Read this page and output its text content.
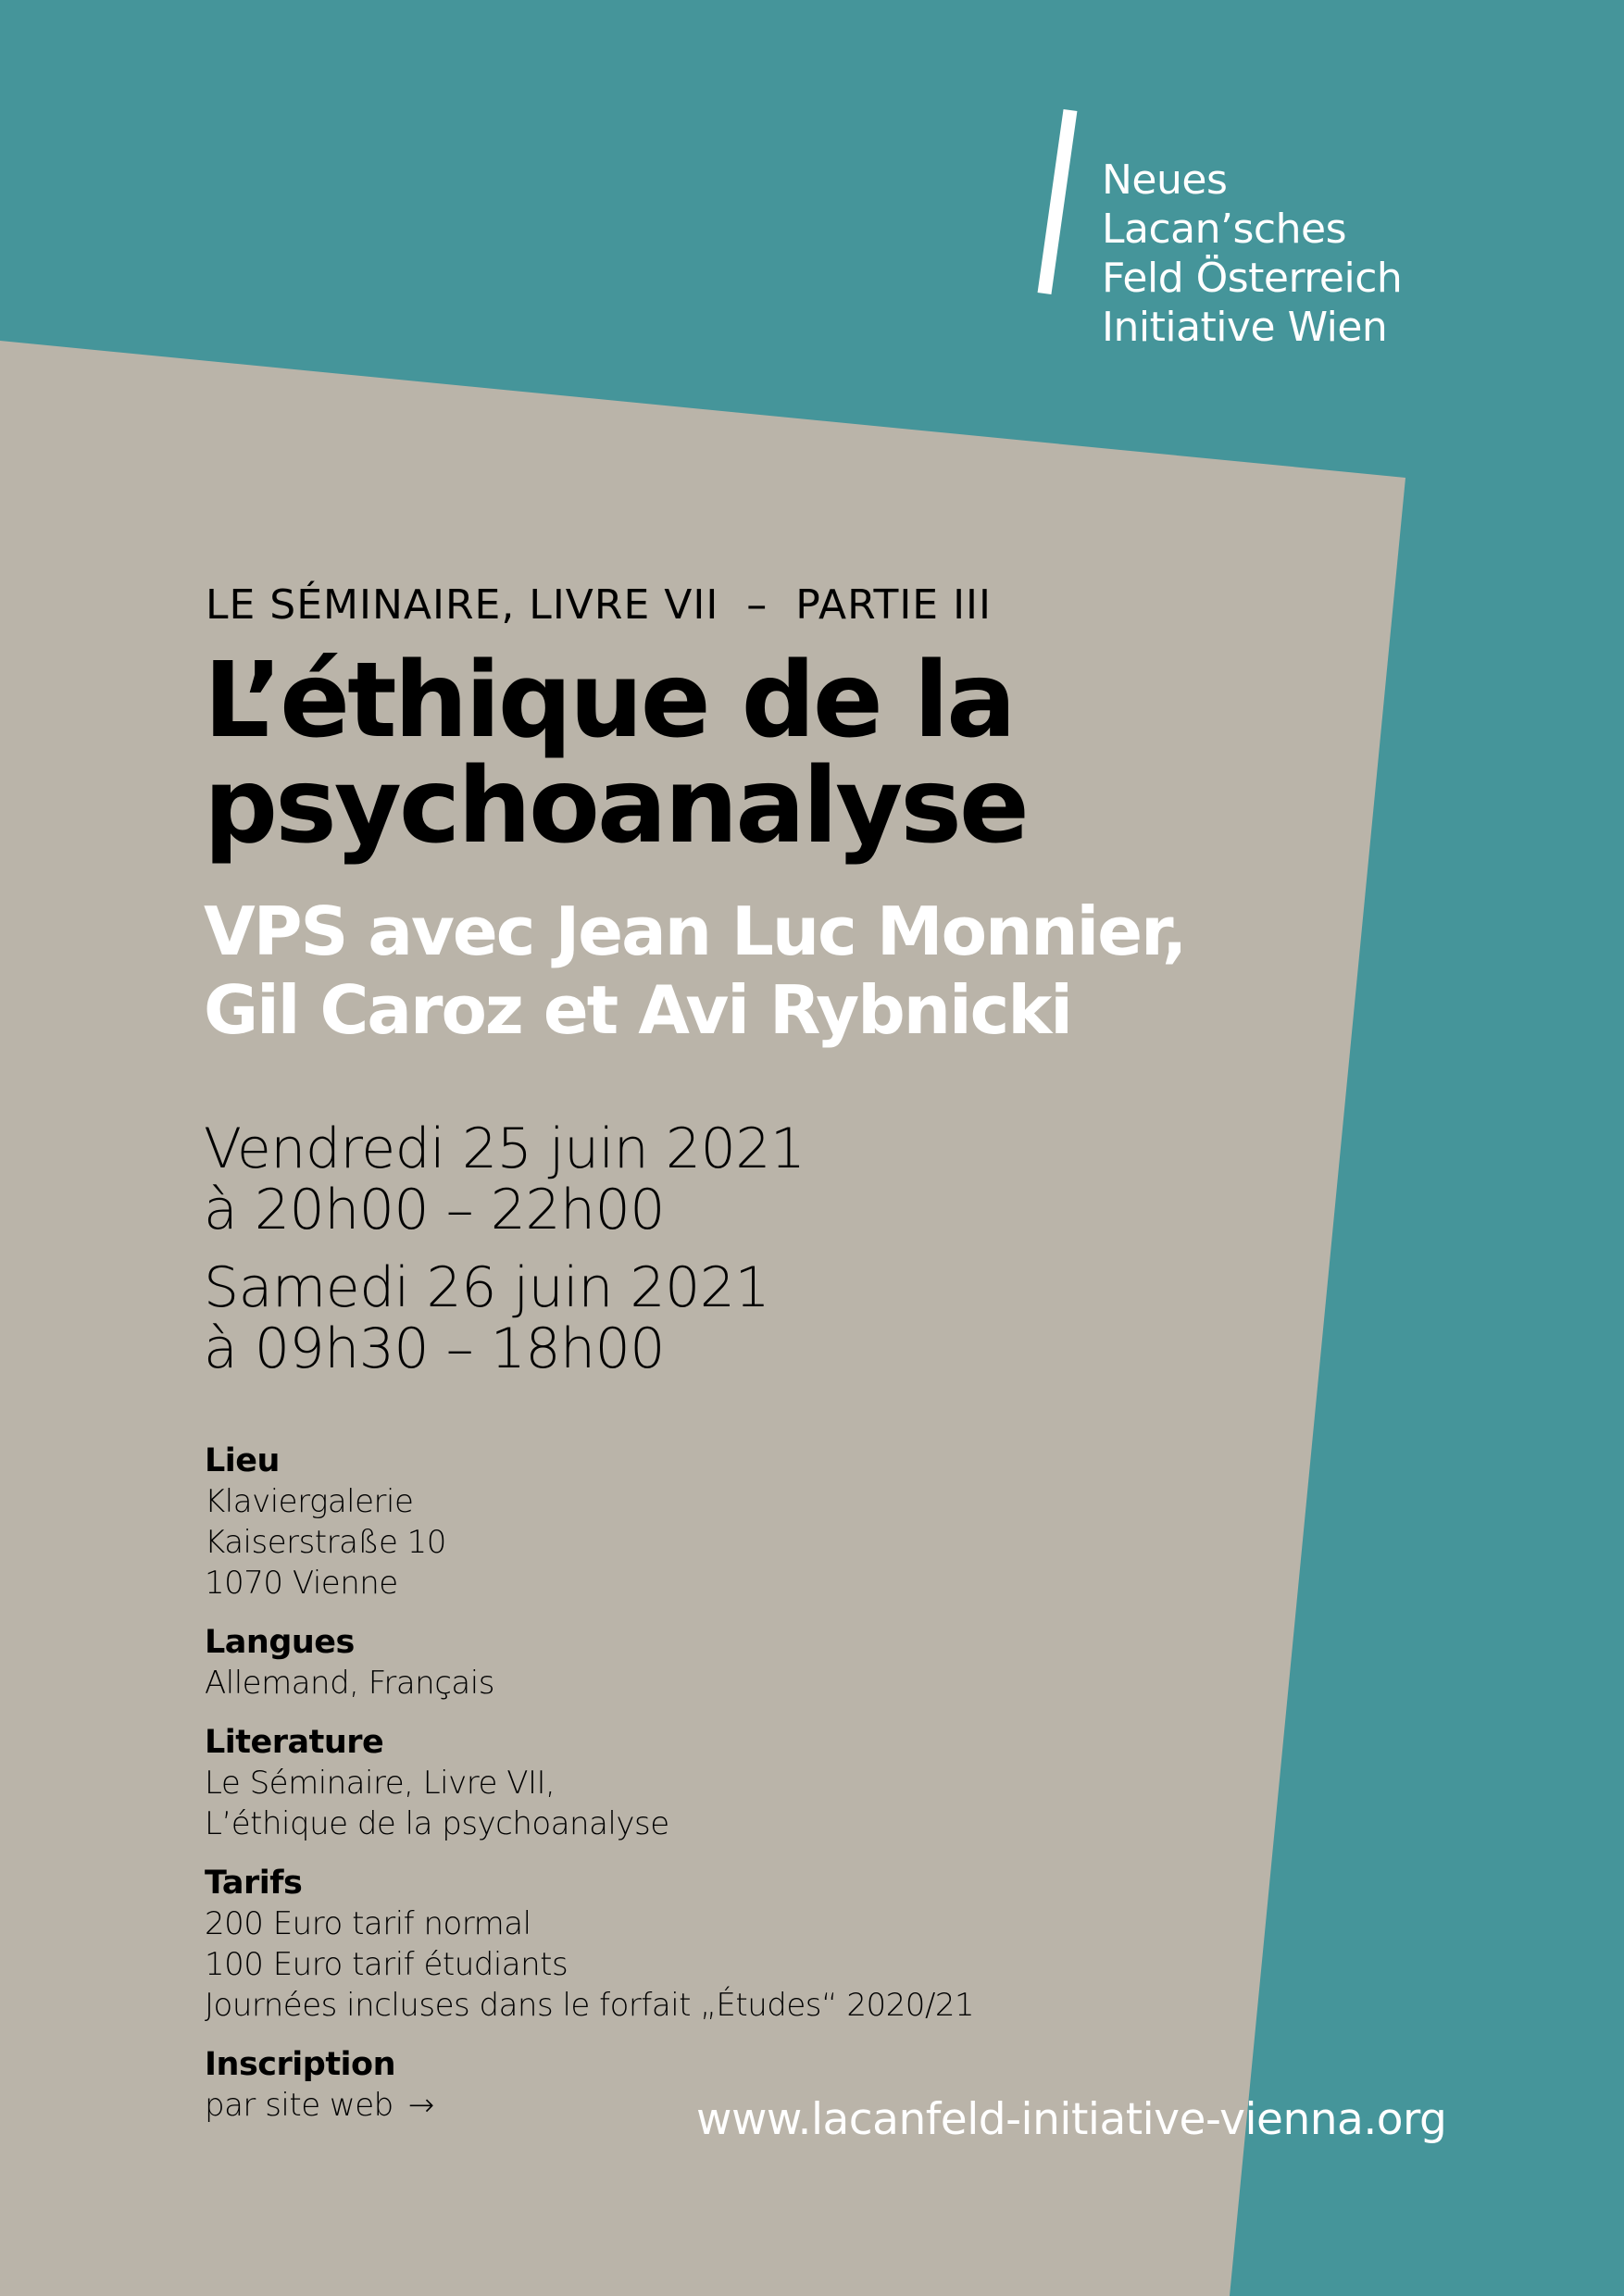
Neues
Lacan’sches
Feld Österreich
Initiative Wien
LE SÉMINAIRE, LIVRE VII  –  PARTIE III
L’éthique de la
psychoanalyse
VPS avec Jean Luc Monnier,
Gil Caroz et Avi Rybnicki
Vendredi 25 juin 2021
à 20h00 – 22h00
Samedi 26 juin 2021
à 09h30 – 18h00
Lieu
Klaviergalerie
Kaiserstraße 10
1070 Vienne
Langues
Allemand, Français
Literature
Le Séminaire, Livre VII,
L’éthique de la psychoanalyse
Tarifs
200 Euro tarif normal
100 Euro tarif étudiants
Journées incluses dans le forfait „Études“ 2020/21
Inscription
par site web →	www.lacanfeld-initiative-vienna.org
